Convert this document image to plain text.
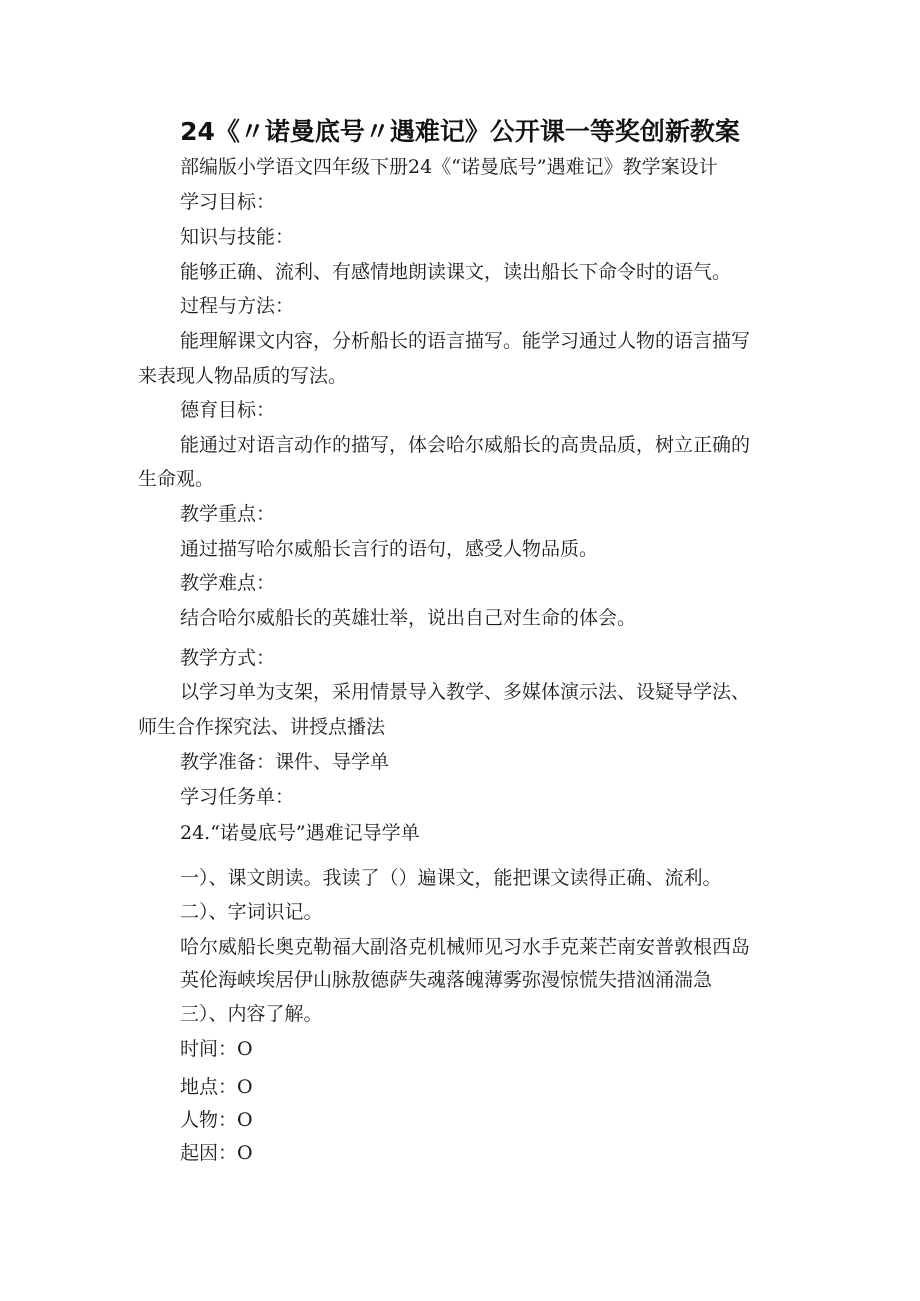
24《〃诺曼底号〃遇难记》公开课一等奖创新教案
部编版小学语文四年级下册24《“诺曼底号”遇难记》教学案设计
学习目标：
知识与技能：
能够正确、流利、有感情地朗读课文，读出船长下命令时的语气。
过程与方法：
能理解课文内容，分析船长的语言描写。能学习通过人物的语言描写
来表现人物品质的写法。
德育目标：
能通过对语言动作的描写，体会哈尔威船长的高贵品质，树立正确的
生命观。
教学重点：
通过描写哈尔威船长言行的语句，感受人物品质。
教学难点：
结合哈尔威船长的英雄壮举，说出自己对生命的体会。
教学方式：
以学习单为支架，采用情景导入教学、多媒体演示法、设疑导学法、
师生合作探究法、讲授点播法
教学准备：课件、导学单
学习任务单：
24.“诺曼底号”遇难记导学单
一）、课文朗读。我读了（）遍课文，能把课文读得正确、流利。
二）、字词识记。
哈尔威船长奥克勒福大副洛克机械师见习水手克莱芒南安普敦根西岛
英伦海峡埃居伊山脉敖德萨失魂落魄薄雾弥漫惊慌失措汹涌湍急
三）、内容了解。
时间：O
地点：O
人物：O
起因：O
